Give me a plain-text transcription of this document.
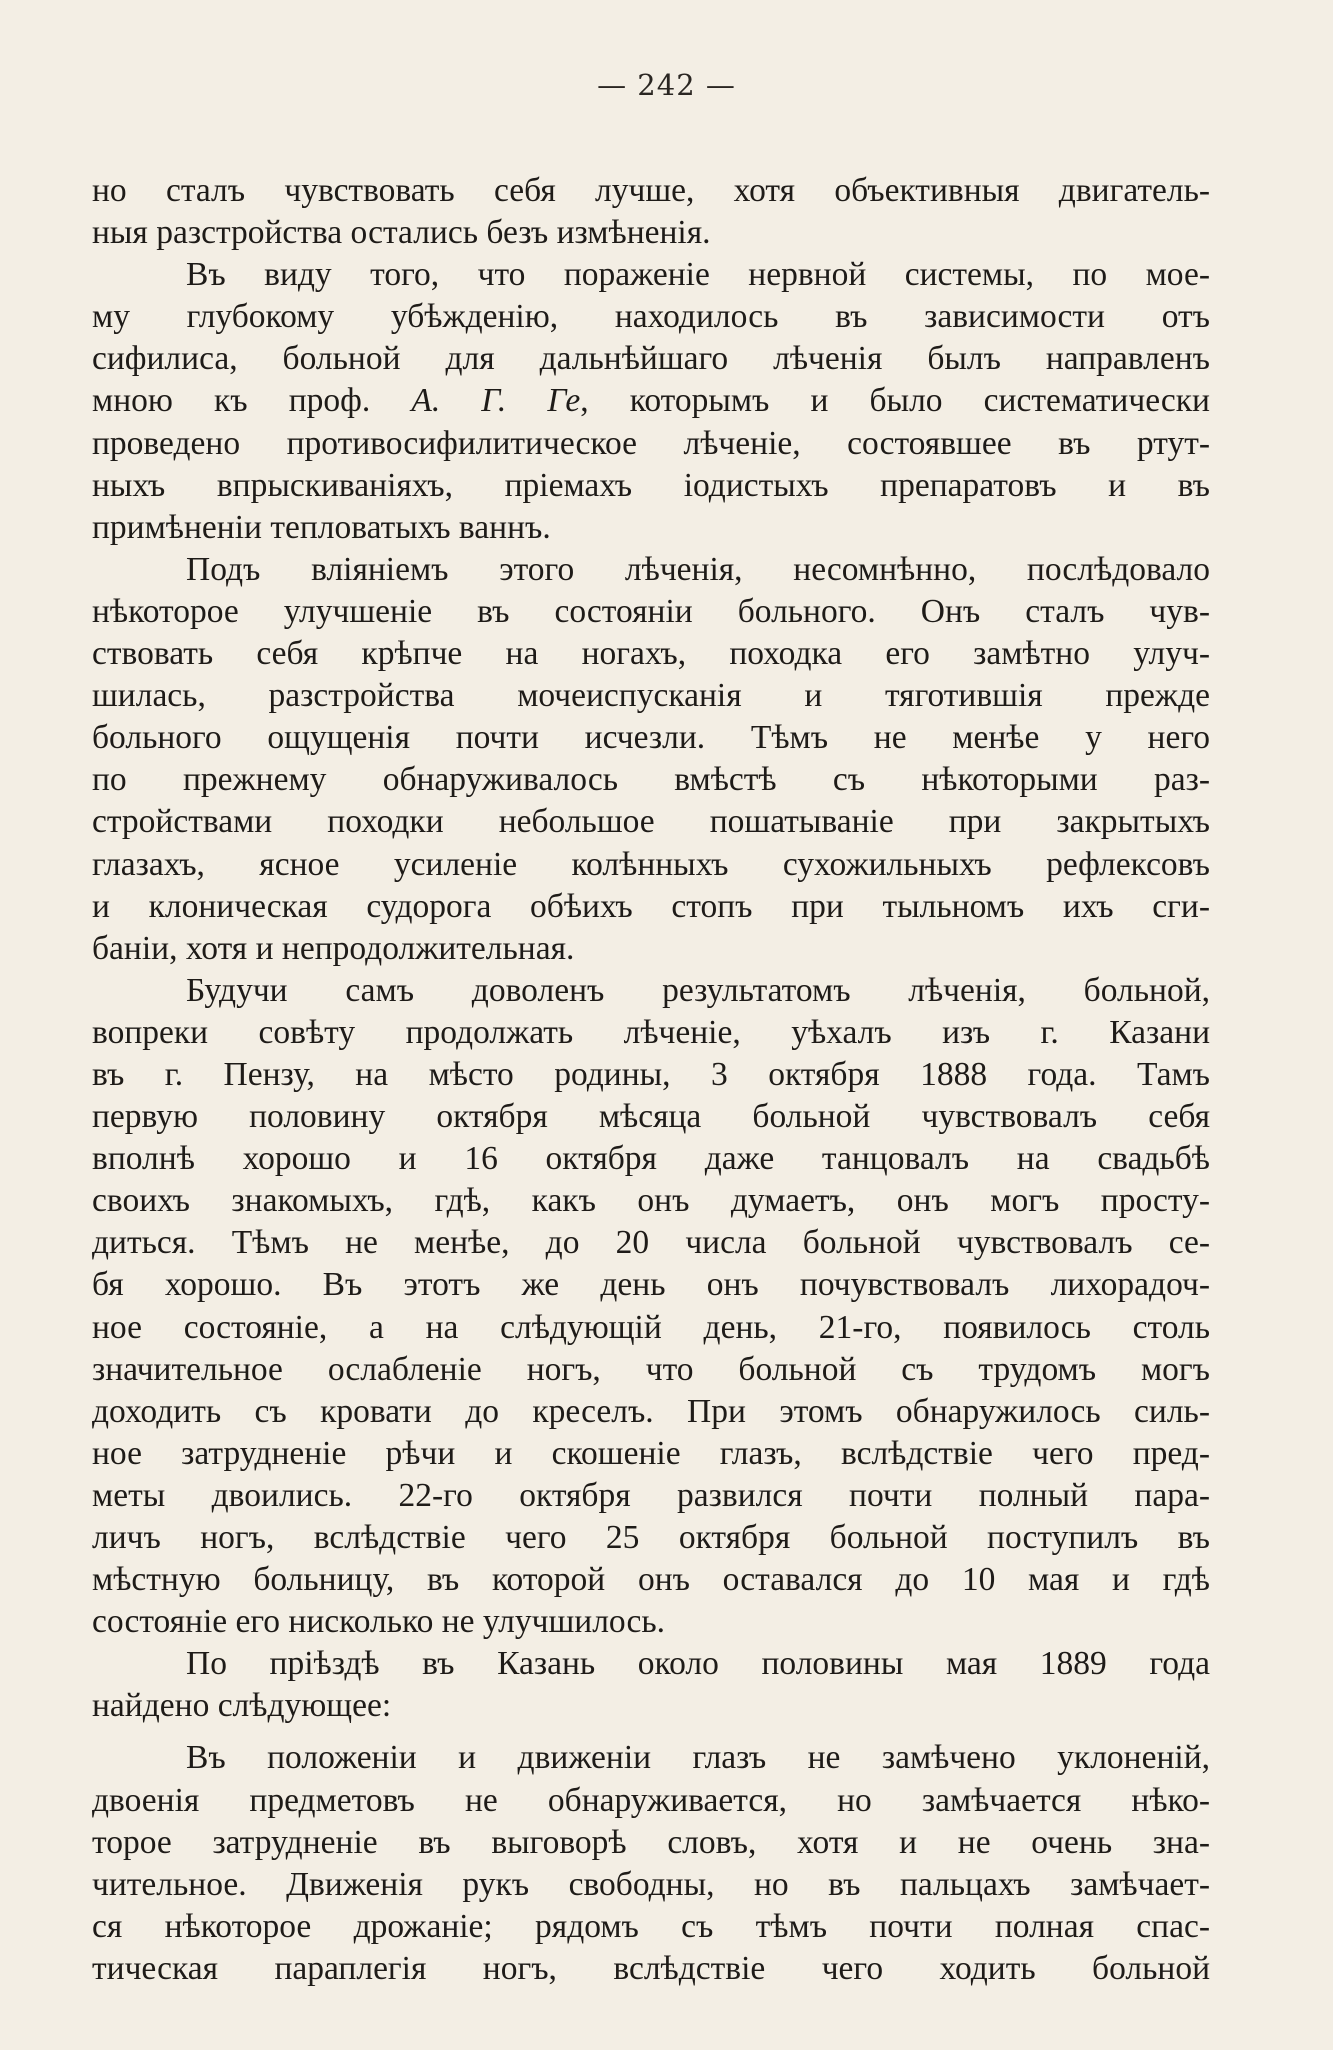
— 242 —
но сталъ чувствовать себя лучше, хотя объективныя двигатель-
ныя разстройства остались безъ измѣненія.
Въ виду того, что пораженіе нервной системы, по мое-
му глубокому убѣжденію, находилось въ зависимости отъ
сифилиса, больной для дальнѣйшаго лѣченія былъ направленъ
мною къ проф. А. Г. Ге, которымъ и было систематически
проведено противосифилитическое лѣченіе, состоявшее въ ртут-
ныхъ впрыскиваніяхъ, пріемахъ іодистыхъ препаратовъ и въ
примѣненіи тепловатыхъ ваннъ.
Подъ вліяніемъ этого лѣченія, несомнѣнно, послѣдовало
нѣкоторое улучшеніе въ состояніи больного. Онъ сталъ чув-
ствовать себя крѣпче на ногахъ, походка его замѣтно улуч-
шилась, разстройства мочеиспусканія и тяготившія прежде
больного ощущенія почти исчезли. Тѣмъ не менѣе у него
по прежнему обнаруживалось вмѣстѣ съ нѣкоторыми раз-
стройствами походки небольшое пошатываніе при закрытыхъ
глазахъ, ясное усиленіе колѣнныхъ сухожильныхъ рефлексовъ
и клоническая судорога обѣихъ стопъ при тыльномъ ихъ сги-
баніи, хотя и непродолжительная.
Будучи самъ доволенъ результатомъ лѣченія, больной,
вопреки совѣту продолжать лѣченіе, уѣхалъ изъ г. Казани
въ г. Пензу, на мѣсто родины, 3 октября 1888 года. Тамъ
первую половину октября мѣсяца больной чувствовалъ себя
вполнѣ хорошо и 16 октября даже танцовалъ на свадьбѣ
своихъ знакомыхъ, гдѣ, какъ онъ думаетъ, онъ могъ просту-
диться. Тѣмъ не менѣе, до 20 числа больной чувствовалъ се-
бя хорошо. Въ этотъ же день онъ почувствовалъ лихорадоч-
ное состояніе, а на слѣдующій день, 21-го, появилось столь
значительное ослабленіе ногъ, что больной съ трудомъ могъ
доходить съ кровати до креселъ. При этомъ обнаружилось силь-
ное затрудненіе рѣчи и скошеніе глазъ, вслѣдствіе чего пред-
меты двоились. 22-го октября развился почти полный пара-
личъ ногъ, вслѣдствіе чего 25 октября больной поступилъ въ
мѣстную больницу, въ которой онъ оставался до 10 мая и гдѣ
состояніе его нисколько не улучшилось.
По пріѣздѣ въ Казань около половины мая 1889 года
найдено слѣдующее:
Въ положеніи и движеніи глазъ не замѣчено уклоненій,
двоенія предметовъ не обнаруживается, но замѣчается нѣко-
торое затрудненіе въ выговорѣ словъ, хотя и не очень зна-
чительное. Движенія рукъ свободны, но въ пальцахъ замѣчает-
ся нѣкоторое дрожаніе; рядомъ съ тѣмъ почти полная спас-
тическая параплегія ногъ, вслѣдствіе чего ходить больной
